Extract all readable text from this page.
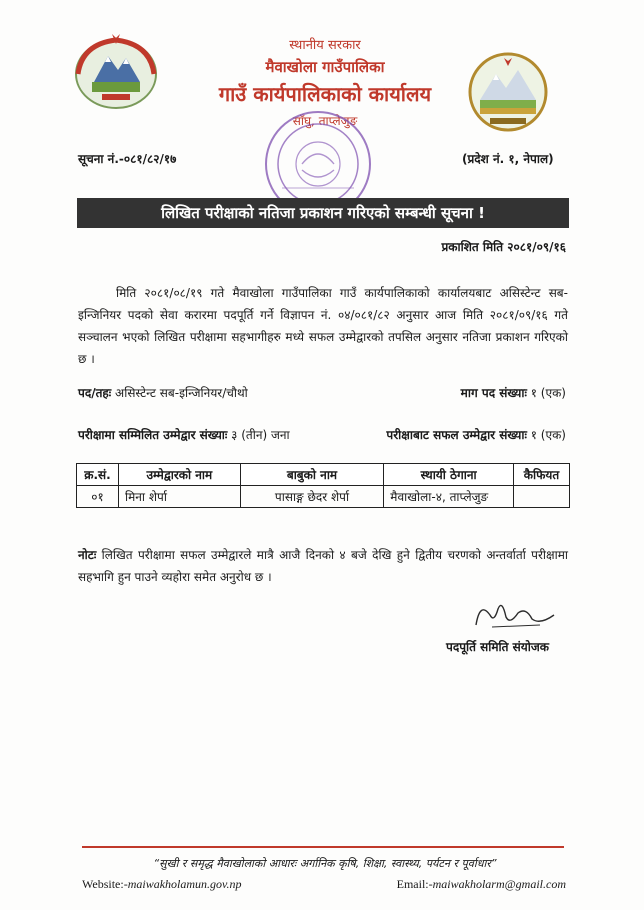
स्थानीय सरकार
मैवाखोला गाउँपालिका
गाउँ कार्यपालिकाको कार्यालय
साँघु, ताप्लेजुङ
सूचना नं.-०८१/८२/१७	(प्रदेश नं. १, नेपाल)
लिखित परीक्षाको नतिजा प्रकाशन गरिएको सम्बन्धी सूचना !
प्रकाशित मिति २०८१/०९/१६

मिति २०८१/०८/१९ गते मैवाखोला गाउँपालिका गाउँ कार्यपालिकाको कार्यालयबाट असिस्टेन्ट सब-इन्जिनियर पदको सेवा करारमा पदपूर्ति गर्ने विज्ञापन नं. ०४/०८१/८२ अनुसार आज मिति २०८१/०९/१६ गते सञ्चालन भएको लिखित परीक्षामा सहभागीहरु मध्ये सफल उम्मेद्वारको तपसिल अनुसार नतिजा प्रकाशन गरिएको छ ।

पद/तहः असिस्टेन्ट सब-इन्जिनियर/चौथो	माग पद संख्याः १ (एक)
परीक्षामा सम्मिलित उम्मेद्वार संख्याः ३ (तीन) जना	परीक्षाबाट सफल उम्मेद्वार संख्याः १ (एक)
क्र.सं.	उम्मेद्वारको नाम	बाबुको नाम	स्थायी ठेगाना	कैफियत
०१	मिना शेर्पा	पासाङ्ग छेदर शेर्पा	मैवाखोला-४, ताप्लेजुङ	

नोटः लिखित परीक्षामा सफल उम्मेद्वारले मात्रै आजै दिनको ४ बजे देखि हुने द्वितीय चरणको अन्तर्वार्ता परीक्षामा सहभागि हुन पाउने व्यहोरा समेत अनुरोध छ ।

पदपूर्ति समिति संयोजक
“सुखी र समृद्ध मैवाखोलाको आधारः अर्गानिक कृषि, शिक्षा, स्वास्थ्य, पर्यटन र पूर्वाधार”
Website:-maiwakholamun.gov.np	Email:-maiwakholarm@gmail.com
